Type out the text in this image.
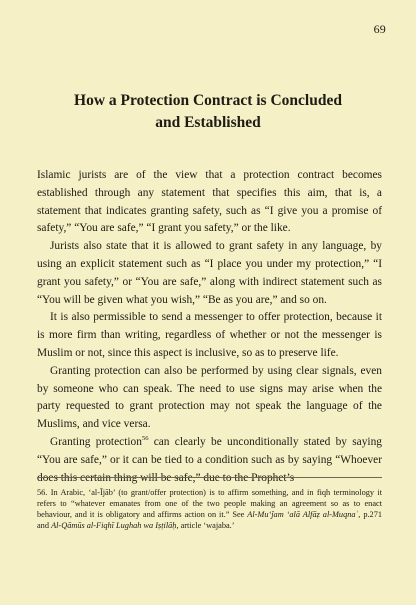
69
How a Protection Contract is Concluded
and Established

Islamic jurists are of the view that a protection contract becomes established through any statement that specifies this aim, that is, a statement that indicates granting safety, such as “I give you a promise of safety,” “You are safe,” “I grant you safety,” or the like.

Jurists also state that it is allowed to grant safety in any language, by using an explicit statement such as “I place you under my protection,” “I grant you safety,” or “You are safe,” along with indirect statement such as “You will be given what you wish,” “Be as you are,” and so on.

It is also permissible to send a messenger to offer protection, because it is more firm than writing, regardless of whether or not the messenger is Muslim or not, since this aspect is inclusive, so as to preserve life.

Granting protection can also be performed by using clear signals, even by someone who can speak. The need to use signs may arise when the party requested to grant protection may not speak the language of the Muslims, and vice versa.

Granting protection$^{56}$ can clearly be unconditionally stated by saying “You are safe,” or it can be tied to a condition such as by saying “Whoever does this certain thing will be safe,” due to the Prophet’s

56. In Arabic, ‘al-Ījāb’ (to grant/offer protection) is to affirm something, and in fiqh terminology it refers to “whatever emanates from one of the two people making an agreement so as to enact behaviour, and it is obligatory and affirms action on it.” See Al-Mu‘ǰam ‘alā Alfāẓ al-Muqnaʿ, p.271 and Al-Qāmūs al-Fiqhī Lughah wa Iṣṭilāḥ, article ‘wajaba.’
